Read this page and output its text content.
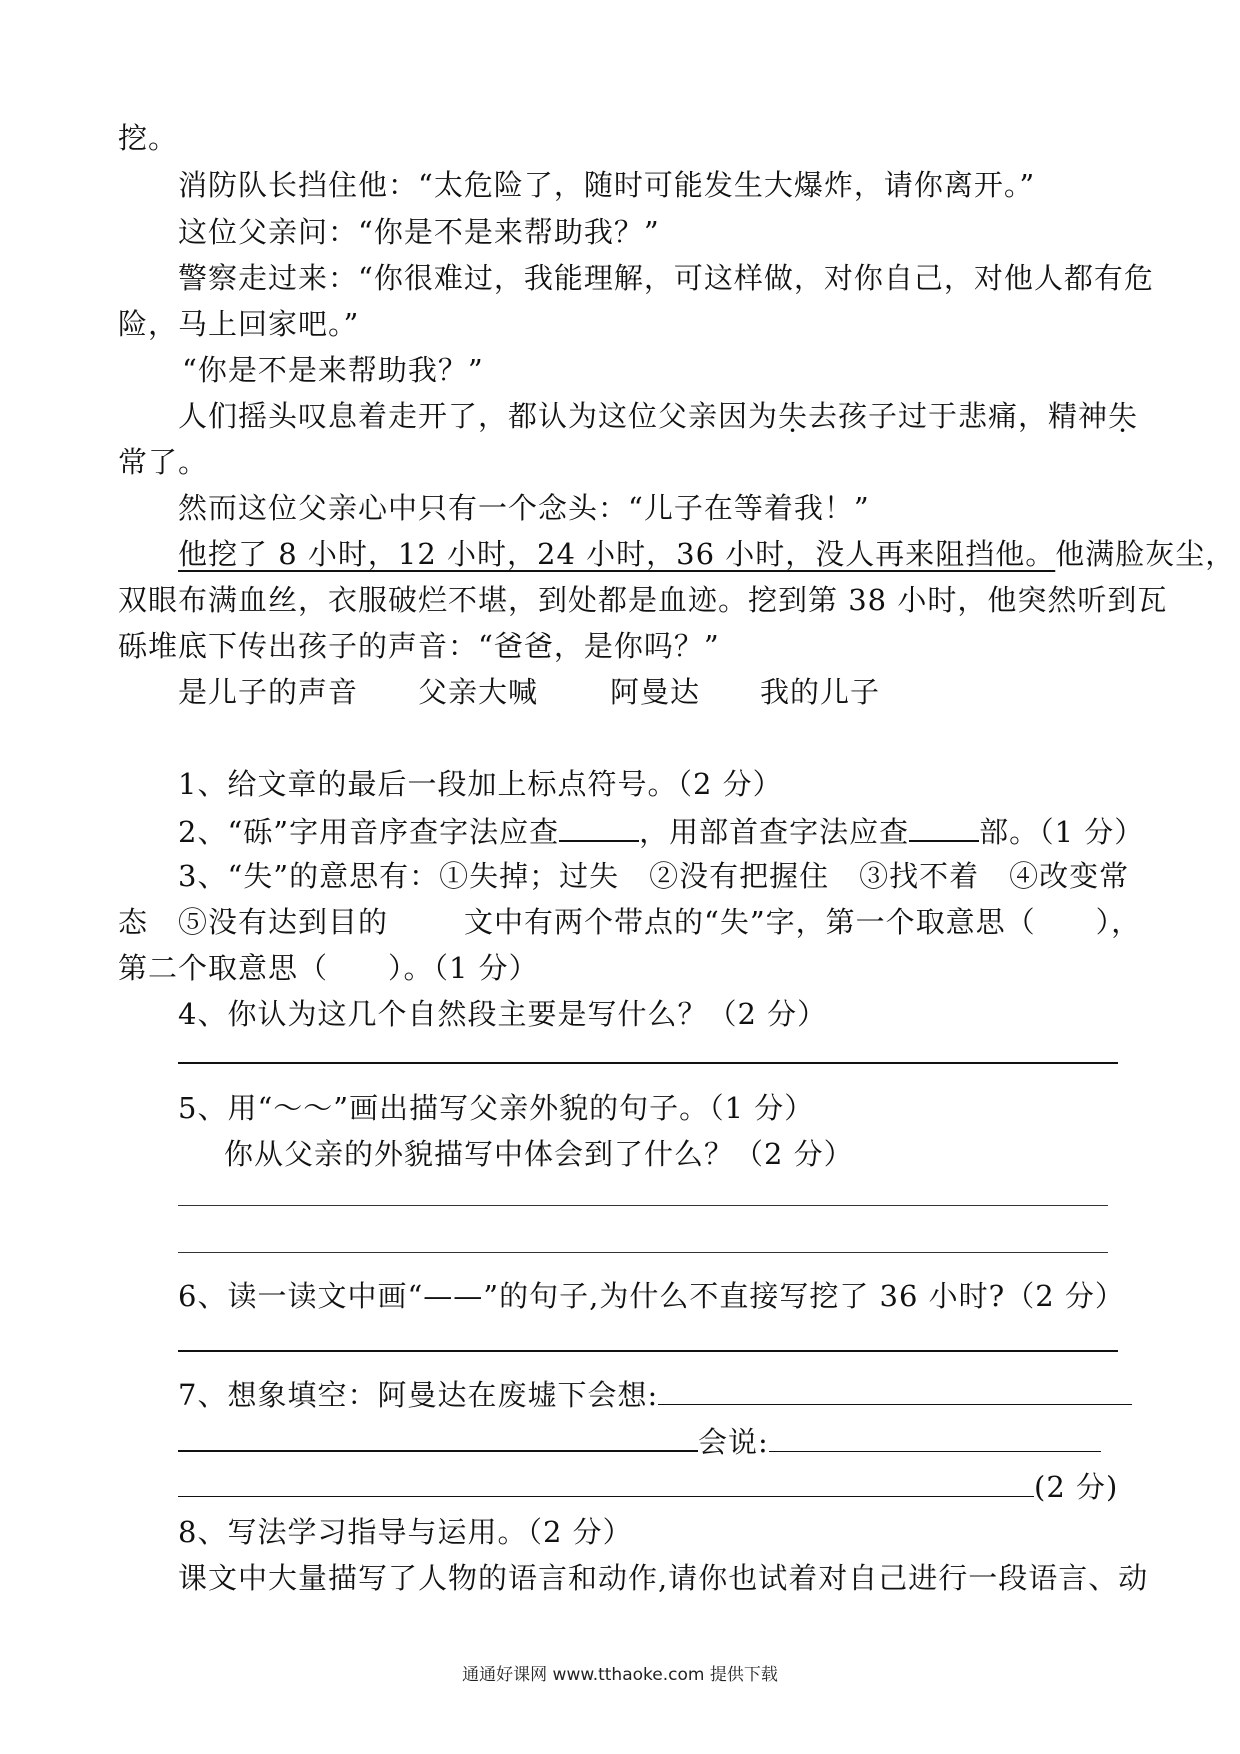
挖。
消防队长挡住他：“太危险了，随时可能发生大爆炸，请你离开。”
这位父亲问：“你是不是来帮助我？”
警察走过来：“你很难过，我能理解，可这样做，对你自己，对他人都有危
险，马上回家吧。”
“你是不是来帮助我？”
人们摇头叹息着走开了，都认为这位父亲因为失去孩子过于悲痛，精神失
常了。
然而这位父亲心中只有一个念头：“儿子在等着我！”
他挖了 8 小时，12 小时，24 小时，36 小时，没人再来阻挡他。他满脸灰尘，
双眼布满血丝，衣服破烂不堪，到处都是血迹。挖到第 38 小时，他突然听到瓦
砾堆底下传出孩子的声音：“爸爸，是你吗？”
是儿子的声音 父亲大喊 阿曼达 我的儿子
1、给文章的最后一段加上标点符号。（2 分）
2、“砾”字用音序查字法应查	，用部首查字法应查 部。（1 分）
3、“失”的意思有：①失掉；过失　②没有把握住　③找不着　④改变常
态　⑤没有达到目的	文中有两个带点的“失”字，第一个取意思（　　），
第二个取意思（　　）。（1 分）
4、你认为这几个自然段主要是写什么？（2 分）
5、用“～～”画出描写父亲外貌的句子。（1 分）
你从父亲的外貌描写中体会到了什么？（2 分）
6、读一读文中画“——”的句子,为什么不直接写挖了 36 小时?（2 分）
7、想象填空：阿曼达在废墟下会想:
会说:
(2 分)
8、写法学习指导与运用。（2 分）
课文中大量描写了人物的语言和动作,请你也试着对自己进行一段语言、动
通通好课网 www.tthaoke.com 提供下载
